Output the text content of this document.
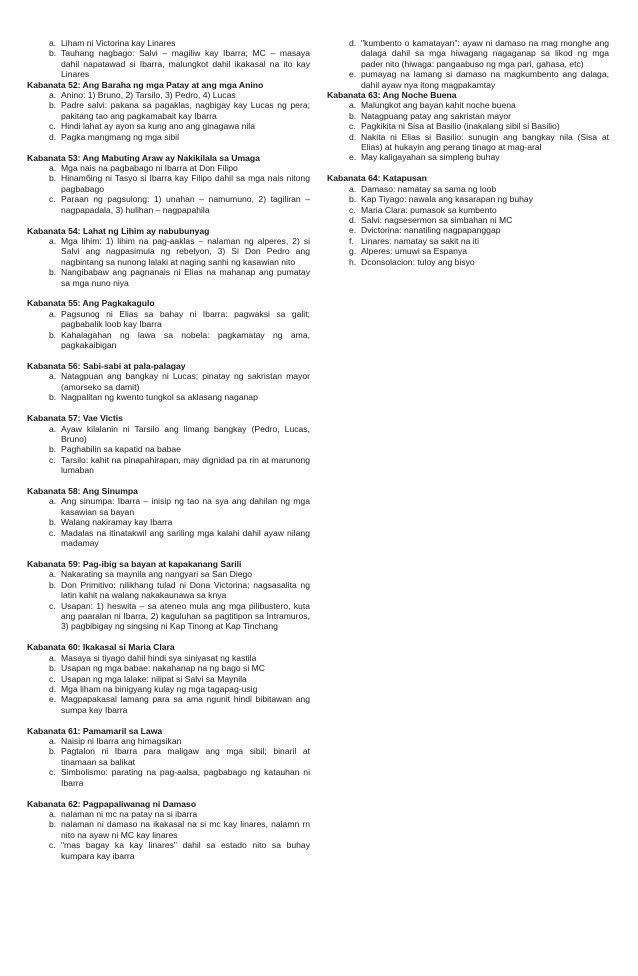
a. Liham ni Victorina kay Linares
b. Tauhang nagbago: Salvi – magiliw kay Ibarra; MC – masaya dahil napatawad si Ibarra, malungkot dahil ikakasal na ito kay Linares
Kabanata 52: Ang Baraha ng mga Patay at ang mga Anino
a. Anino: 1) Bruno, 2) Tarsilo, 3) Pedro, 4) Lucas
b. Padre salvi: pakana sa pagaklas, nagbigay kay Lucas ng pera; pakitang tao ang pagkamabait kay Ibarra
c. Hindi lahat ay ayon sa kung ano ang ginagawa nila
d. Pagka mangmang ng mga sibil
Kabanata 53: Ang Mabuting Araw ay Nakikilala sa Umaga
a. Mga nais na pagbabago ni Ibarra at Don Filipo
b. Hinamбing ni Tasyo si Ibarra kay Filipo dahil sa mga nais nitong pagbabago
c. Paraan ng pagsulong: 1) unahan – namumuno, 2) tagiliran – nagpapadala, 3) hulihan – nagpapahila
Kabanata 54: Lahat ng Lihim ay nabubunyag
a. Mga lihim: 1) lihim na pag-aaklas – nalaman ng alperes, 2) si Salvi ang nagpasimula ng rebelyon, 3) Si Don Pedro ang nagbintang sa nunong lalaki at naging sanhi ng kasawian nito
b. Nangibabaw ang pagnanais ni Elias na mahanap ang pumatay sa mga nuno niya
Kabanata 55: Ang Pagkakagulo
a. Pagsunog ni Elias sa bahay ni Ibarra: pagwaksi sa galit; pagbabalik loob kay Ibarra
b. Kahalagahan ng lawa sa nobela: pagkamatay ng ama, pagkakaibigan
Kabanata 56: Sabi-sabi at pala-palagay
a. Natagpuan ang bangkay ni Lucas; pinatay ng sakristan mayor (amorseko sa damit)
b. Nagpalitan ng kwento tungkol sa aklasang naganap
Kabanata 57: Vae Victis
a. Ayaw kilalanin ni Tarsilo ang limang bangkay (Pedro, Lucas, Bruno)
b. Paghabilin sa kapatid na babae
c. Tarsilo: kahit na pinapahirapan, may dignidad pa rin at marunong lumaban
Kabanata 58: Ang Sinumpa
a. Ang sinumpa: Ibarra – inisip ng tao na sya ang dahilan ng mga kasawian sa bayan
b. Walang nakiramay kay Ibarra
c. Madalas na itinatakwil ang sariling mga kalahi dahil ayaw nilang madamay
Kabanata 59: Pag-ibig sa bayan at kapakanang Sarili
a. Nakarating sa maynila ang nangyari sa San Diego
b. Don Primitivo: nilikhang tulad ni Dona Victorina; nagsasalita ng latin kahit na walang nakakaunawa sa knya
c. Usapan: 1) heswita – sa ateneo mula ang mga pilibustero, kuta ang paaralan ni Ibarra, 2) kaguluhan sa pagtitipon sa Intramuros, 3) pagbibigay ng singsing ni Kap Tinong at Kap Tinchang
Kabanata 60: Ikakasal si Maria Clara
a. Masaya si tiyago dahil hindi sya siniyasat ng kastila
b. Usapan ng mga babae: nakahanap na ng bago si MC
c. Usapan ng mga lalake: nilipat si Salvi sa Maynila
d. Mga liham na binigyang kulay ng mga tagapag-usig
e. Magpapakasal lamang para sa ama ngunit hindi bibitawan ang sumpa kay Ibarra
Kabanata 61: Pamamaril sa Lawa
a. Naisip ni Ibarra ang himagsikan
b. Pagtalon ni Ibarra para maligaw ang mga sibil; binaril at tinamaan sa balikat
c. Simbolismo: parating na pag-aalsa, pagbabago ng katauhan ni Ibarra
Kabanata 62: Pagpapaliwanag ni Damaso
a. nalaman ni mc na patay na si ibarra
b. nalaman ni damaso na ikakasal na si mc kay linares, nalamn rn nito na ayaw ni MC kay linares
c. "mas bagay ka kay linares" dahil sa estado nito sa buhay kumpara kay ibarra
d. "kumbento o kamatayan": ayaw ni damaso na mag monghe ang dalaga dahil sa mga hiwagang nagaganap sa likod ng mga pader nito (hiwaga: pangaabuso ng mga pari, gahasa, etc)
e. pumayag na lamang si damaso na magkumbento ang dalaga, dahil ayaw nya itong magpakamtay
Kabanata 63: Ang Noche Buena
a. Malungkot ang bayan kahit noche buena
b. Natagpuang patay ang sakristan mayor
c. Pagkikita ni Sisa at Basilio (inakalang sibil si Basilio)
d. Nakita ni Elias si Basilio: sunugin ang bangkay nila (Sisa at Elias) at hukayin ang perang tinago at mag-aral
e. May kaligayahan sa simpleng buhay
Kabanata 64: Katapusan
a. Damaso: namatay sa sama ng loob
b. Kap Tiyago: nawala ang kasarapan ng buhay
c. Maria Clara: pumasok sa kumbento
d. Salvi: nagsesermon sa simbahan ni MC
e. Dvictorina: nanatiling nagpapanggap
f. Linares: namatay sa sakit na iti
g. Alperes: umuwi sa Espanya
h. Dconsolacion: tuloy ang bisyo
